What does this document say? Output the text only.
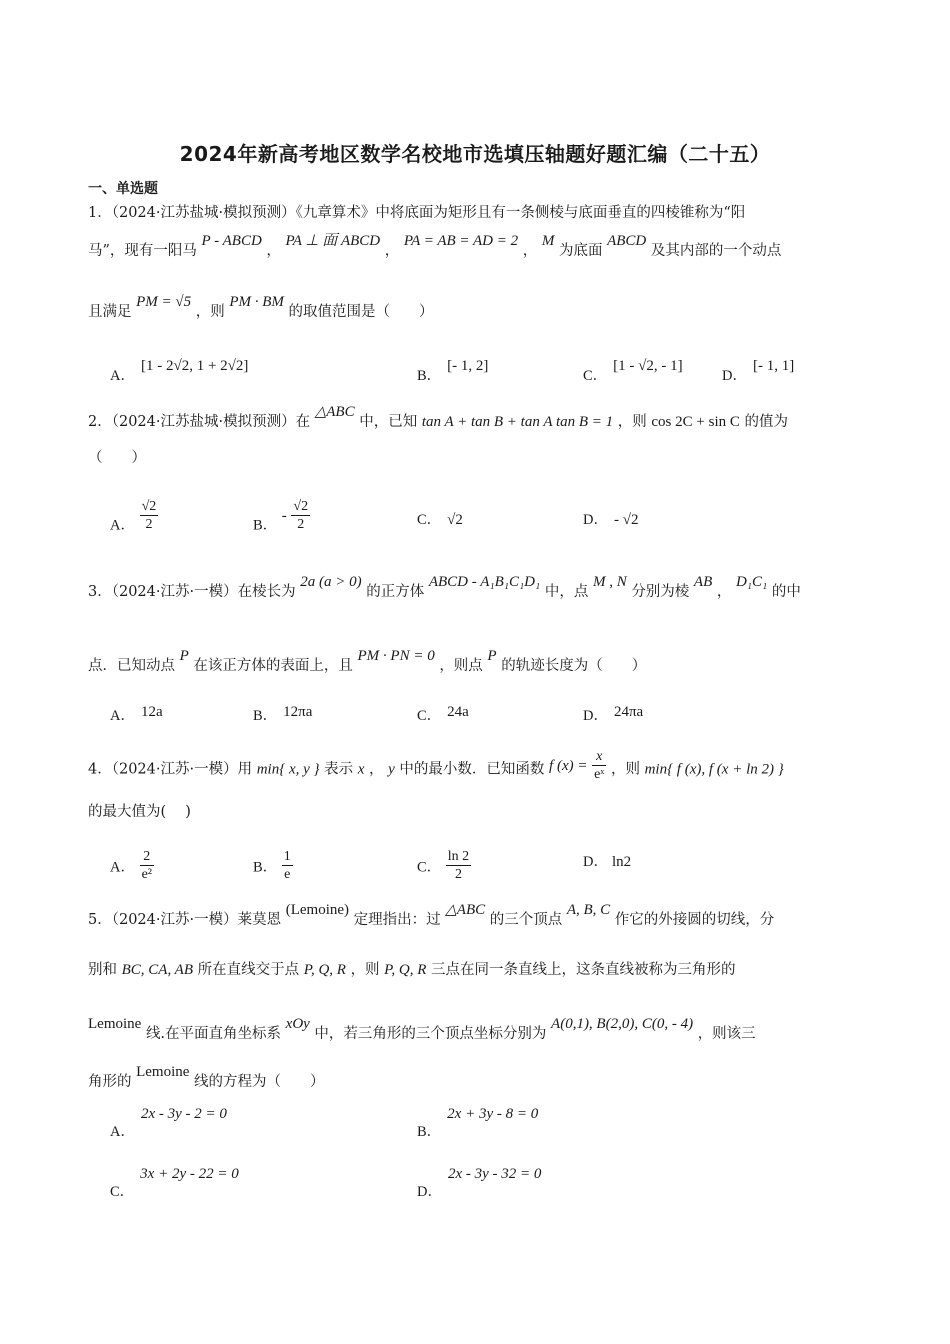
2024年新高考地区数学名校地市选填压轴题好题汇编（二十五）
一、单选题
1．（2024·江苏盐城·模拟预测）《九章算术》中将底面为矩形且有一条侧棱与底面垂直的四棱锥称为“阳
马”，现有一阳马 P - ABCD ， PA ⊥ 面 ABCD ， PA = AB = AD = 2 ， M 为底面 ABCD 及其内部的一个动点
且满足 PM = √5 ，则 PM · BM 的取值范围是（　　）
A．[1 - 2√2, 1 + 2√2]
B．[- 1, 2]
C．[1 - √2, - 1]
D．[- 1, 1]
2．（2024·江苏盐城·模拟预测）在 △ABC 中，已知 tan A + tan B + tan A tan B = 1 ，则 cos 2C + sin C 的值为
（　　）
A． $\frac{√2}{2}$	B． - $\frac{√2}{2}$	C． √2	D． - √2
3．（2024·江苏·一模）在棱长为 2a (a > 0) 的正方体 ABCD - A₁B₁C₁D₁ 中，点 M , N 分别为棱 AB ， D₁C₁ 的中
点．已知动点 P 在该正方体的表面上，且 PM · PN = 0 ，则点 P 的轨迹长度为（　　）
A． 12a	B． 12πa	C． 24a	D． 24πa
4．（2024·江苏·一模）用 min{ x, y } 表示 x ， y 中的最小数．已知函数 f $(x) = \frac{x}{\text{eˣ}}$ ，则 min{ f (x), f (x + ln 2) }
的最大值为(　 )
A． $\frac{2}{\text{e²}}$	B． $\frac{1}{e}$	C． $\frac{\ln 2}{2}$	D． ln2
5．（2024·江苏·一模）莱莫恩 (Lemoine) 定理指出：过 △ABC 的三个顶点 A, B, C 作它的外接圆的切线，分
别和 BC, CA, AB 所在直线交于点 P, Q, R ，则 P, Q, R 三点在同一条直线上，这条直线被称为三角形的
Lemoine 线.在平面直角坐标系 xOy 中，若三角形的三个顶点坐标分别为 A(0,1), B(2,0), C(0, - 4) ，则该三
角形的 Lemoine 线的方程为（　　）
A．2x - 3y - 2 = 0
B．2x + 3y - 8 = 0
C．3x + 2y - 22 = 0
D．2x - 3y - 32 = 0
